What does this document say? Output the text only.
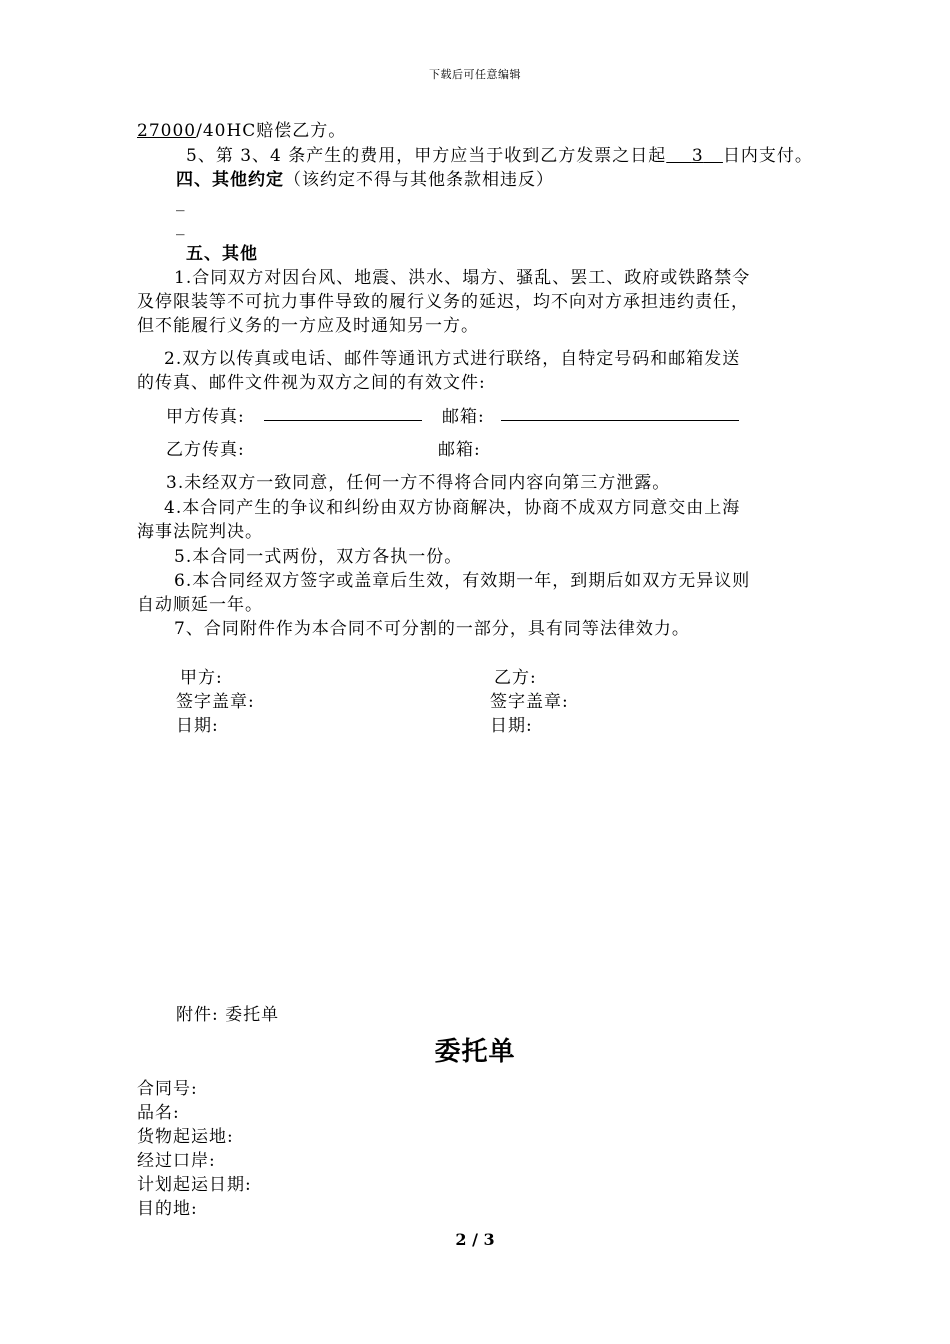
下载后可任意编辑
27000/40HC赔偿乙方。
5、第 3、4 条产生的费用，甲方应当于收到乙方发票之日起 3 日内支付。
四、其他约定（该约定不得与其他条款相违反）
_
_
五、其他
1.合同双方对因台风、地震、洪水、塌方、骚乱、罢工、政府或铁路禁令
及停限装等不可抗力事件导致的履行义务的延迟，均不向对方承担违约责任，
但不能履行义务的一方应及时通知另一方。
2.双方以传真或电话、邮件等通讯方式进行联络，自特定号码和邮箱发送
的传真、邮件文件视为双方之间的有效文件:
甲方传真:	邮箱:
乙方传真:	邮箱:
3.未经双方一致同意，任何一方不得将合同内容向第三方泄露。
4.本合同产生的争议和纠纷由双方协商解决，协商不成双方同意交由上海
海事法院判决。
5.本合同一式两份，双方各执一份。
6.本合同经双方签字或盖章后生效，有效期一年，到期后如双方无异议则
自动顺延一年。
7、合同附件作为本合同不可分割的一部分，具有同等法律效力。
甲方:
签字盖章:
日期:
乙方:
签字盖章:
日期:
附件: 委托单
委托单
合同号:
品名:
货物起运地:
经过口岸:
计划起运日期:
目的地:
2 / 3
